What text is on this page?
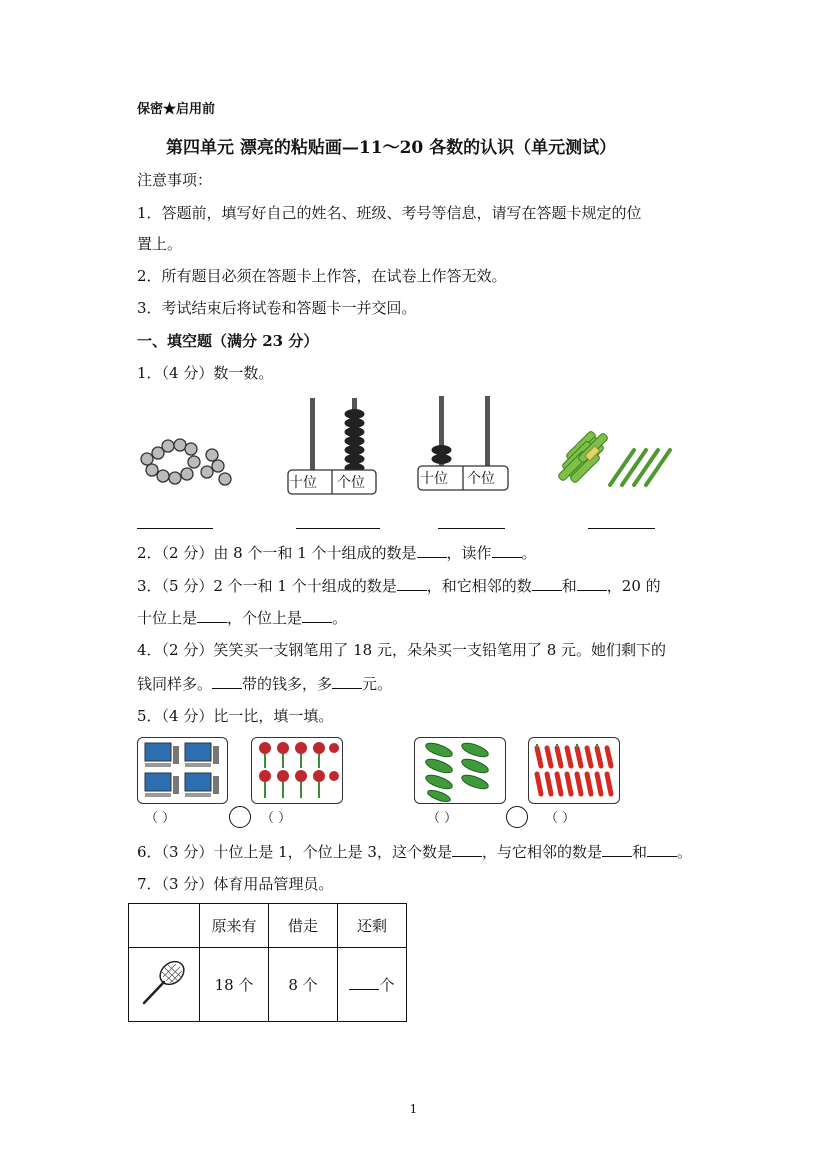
保密★启用前
第四单元 漂亮的粘贴画—11～20 各数的认识（单元测试）
注意事项：
1．答题前，填写好自己的姓名、班级、考号等信息，请写在答题卡规定的位
置上。
2．所有题目必须在答题卡上作答，在试卷上作答无效。
3．考试结束后将试卷和答题卡一并交回。
一、填空题（满分 23 分）
1．（4 分）数一数。
十位 个位	十位 个位
2．（2 分）由 8 个一和 1 个十组成的数是 ，读作 。
3．（5 分）2 个一和 1 个十组成的数是 ，和它相邻的数 和 ，20 的
十位上是 ，个位上是 。
4．（2 分）笑笑买一支钢笔用了 18 元，朵朵买一支铅笔用了 8 元。她们剩下的
钱同样多。 带的钱多，多 元。
5．（4 分）比一比，填一填。
（ ）	（ ）	（ ）	（ ）
6．（3 分）十位上是 1，个位上是 3，这个数是 ，与它相邻的数是 和 。
7．（3 分）体育用品管理员。
	原来有	借走	还剩
	18 个	8 个	个
1
